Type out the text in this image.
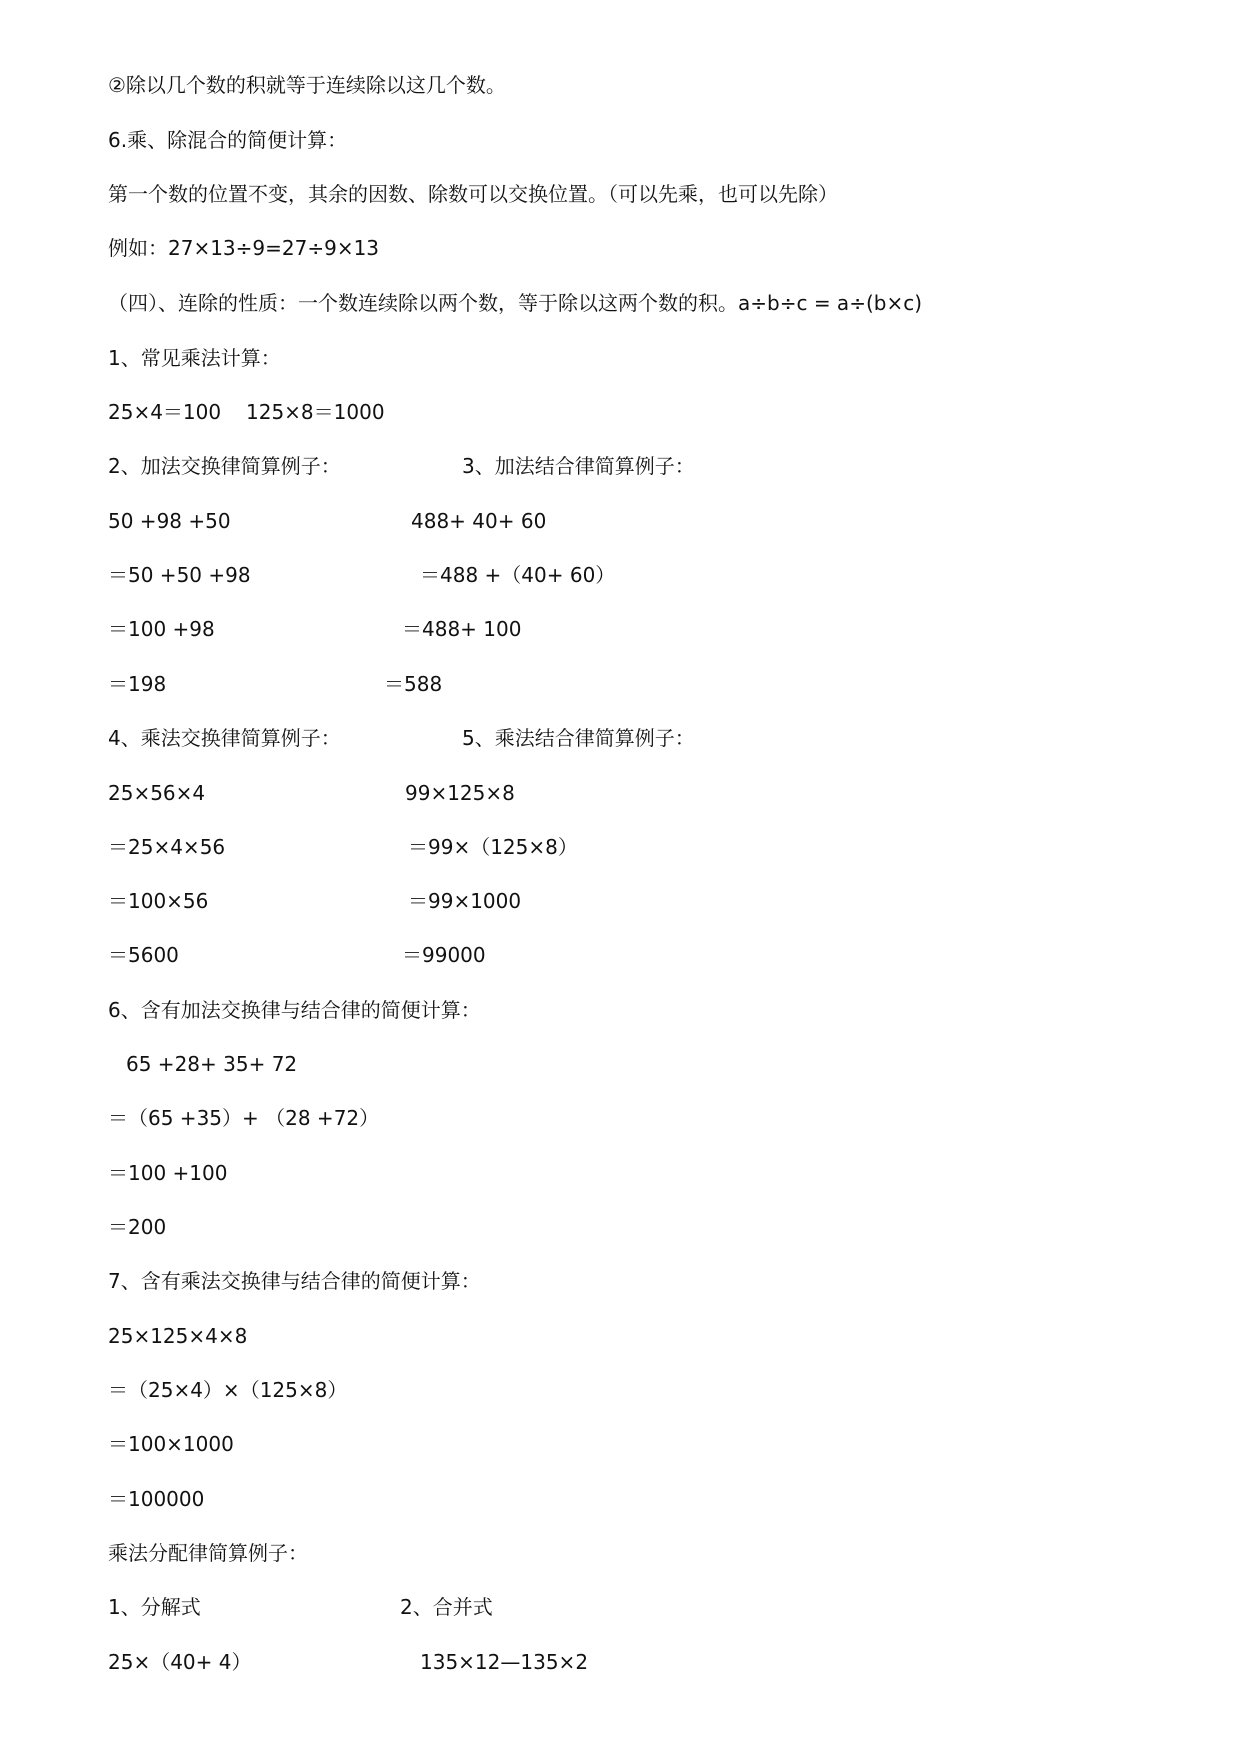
②除以几个数的积就等于连续除以这几个数。
6.乘、除混合的简便计算：
第一个数的位置不变，其余的因数、除数可以交换位置。（可以先乘，也可以先除）
例如：27×13÷9=27÷9×13
（四）、连除的性质：一个数连续除以两个数，等于除以这两个数的积。a÷b÷c = a÷(b×c)
1、常见乘法计算：
25×4＝100 125×8＝1000
2、加法交换律简算例子：	3、加法结合律简算例子：
50 +98 +50	488+ 40+ 60
＝50 +50 +98	＝488 +（40+ 60）
＝100 +98	＝488+ 100
＝198	＝588
4、乘法交换律简算例子：	5、乘法结合律简算例子：
25×56×4	99×125×8
＝25×4×56	＝99×（125×8）
＝100×56	＝99×1000
＝5600	＝99000
6、含有加法交换律与结合律的简便计算：
65 +28+ 35+ 72
＝（65 +35）+ （28 +72）
＝100 +100
＝200
7、含有乘法交换律与结合律的简便计算：
25×125×4×8
＝（25×4）×（125×8）
＝100×1000
＝100000
乘法分配律简算例子：
1、分解式	2、合并式
25×（40+ 4）	135×12—135×2
